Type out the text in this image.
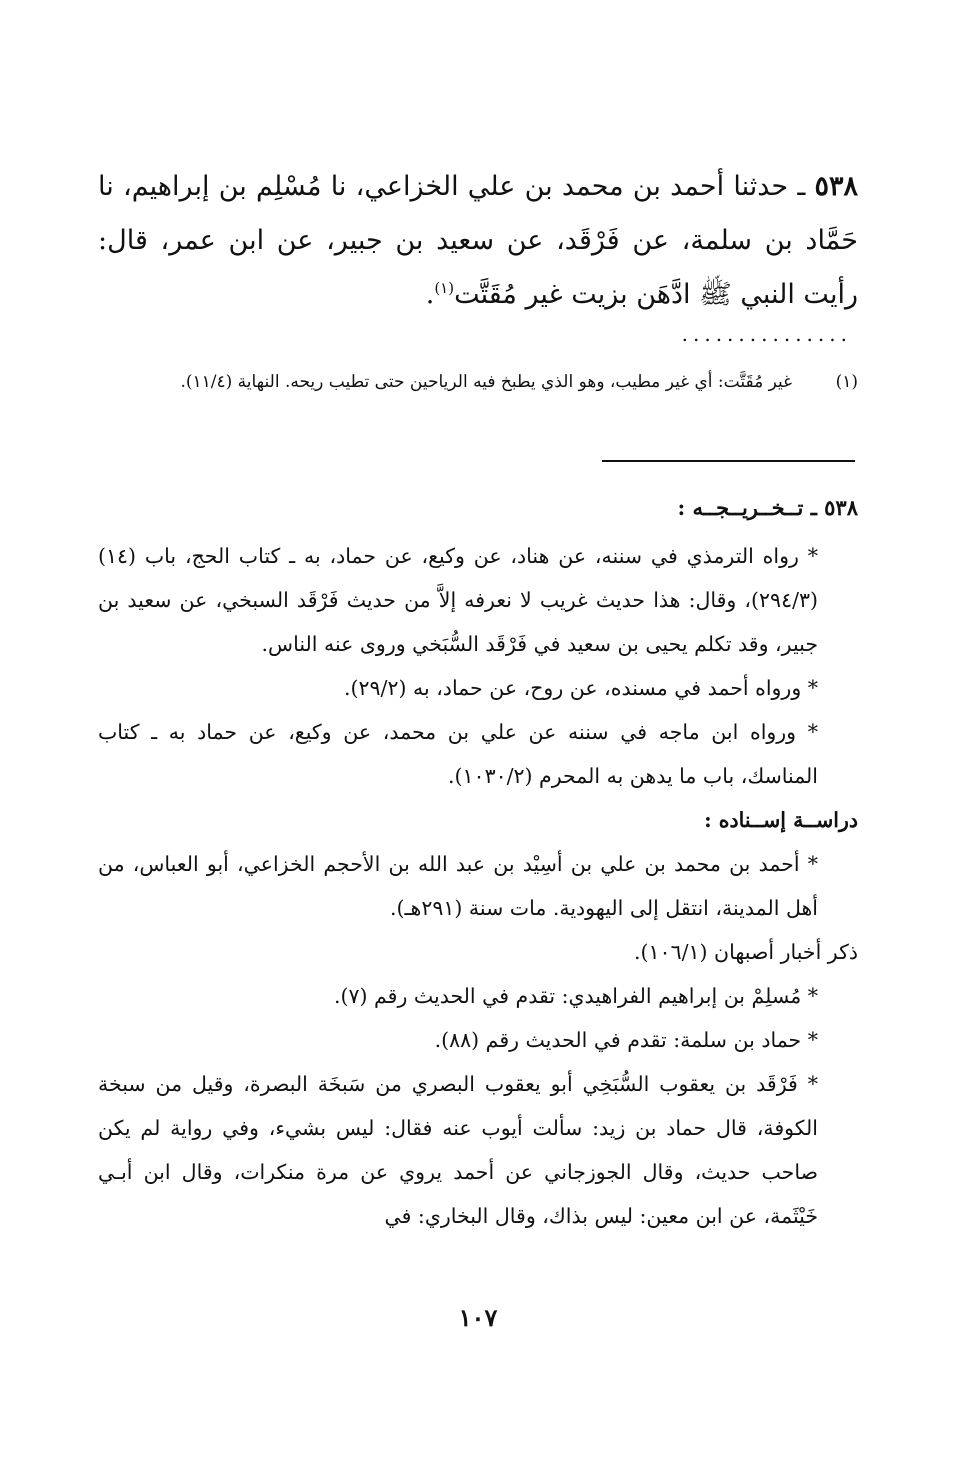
٥٣٨ ـ حدثنا أحمد بن محمد بن علي الخزاعي، نا مُسْلِم بن إبراهيم، نا حَمَّاد بن سلمة، عن فَرْقَد، عن سعيد بن جبير، عن ابن عمر، قال: رأيت النبي ﷺ ادَّهَن بزيت غير مُقَتَّت$^{(١)}$.
...............
(١)
غير مُقَتَّت: أي غير مطيب، وهو الذي يطبخ فيه الرياحين حتى تطيب ريحه. النهاية (١١/٤).
٥٣٨ ـ تــخــريــجــه :

* رواه الترمذي في سننه، عن هناد، عن وكيع، عن حماد، به ـ كتاب الحج، باب (١٤) (٢٩٤/٣)، وقال: هذا حديث غريب لا نعرفه إلاَّ من حديث فَرْقَد السبخي، عن سعيد بن جبير، وقد تكلم يحيى بن سعيد في فَرْقَد السُّبَخي وروى عنه الناس.

* ورواه أحمد في مسنده، عن روح، عن حماد، به (٢٩/٢).

* ورواه ابن ماجه في سننه عن علي بن محمد، عن وكيع، عن حماد به ـ كتاب المناسك، باب ما يدهن به المحرم (١٠٣٠/٢).

دراســة إســناده :

* أحمد بن محمد بن علي بن أسِيْد بن عبد الله بن الأحجم الخزاعي، أبو العباس، من أهل المدينة، انتقل إلى اليهودية. مات سنة (٢٩١هـ).

ذكر أخبار أصبهان (١٠٦/١).

* مُسلِمْ بن إبراهيم الفراهيدي: تقدم في الحديث رقم (٧).

* حماد بن سلمة: تقدم في الحديث رقم (٨٨).

* فَرْقَد بن يعقوب السُّبَخِي أبو يعقوب البصري من سَبخَة البصرة، وقيل من سبخة الكوفة، قال حماد بن زيد: سألت أيوب عنه فقال: ليس بشيء، وفي رواية لم يكن صاحب حديث، وقال الجوزجاني عن أحمد يروي عن مرة منكرات، وقال ابن أبـي خَيْثَمة، عن ابن معين: ليس بذاك، وقال البخاري: في

١٠٧
